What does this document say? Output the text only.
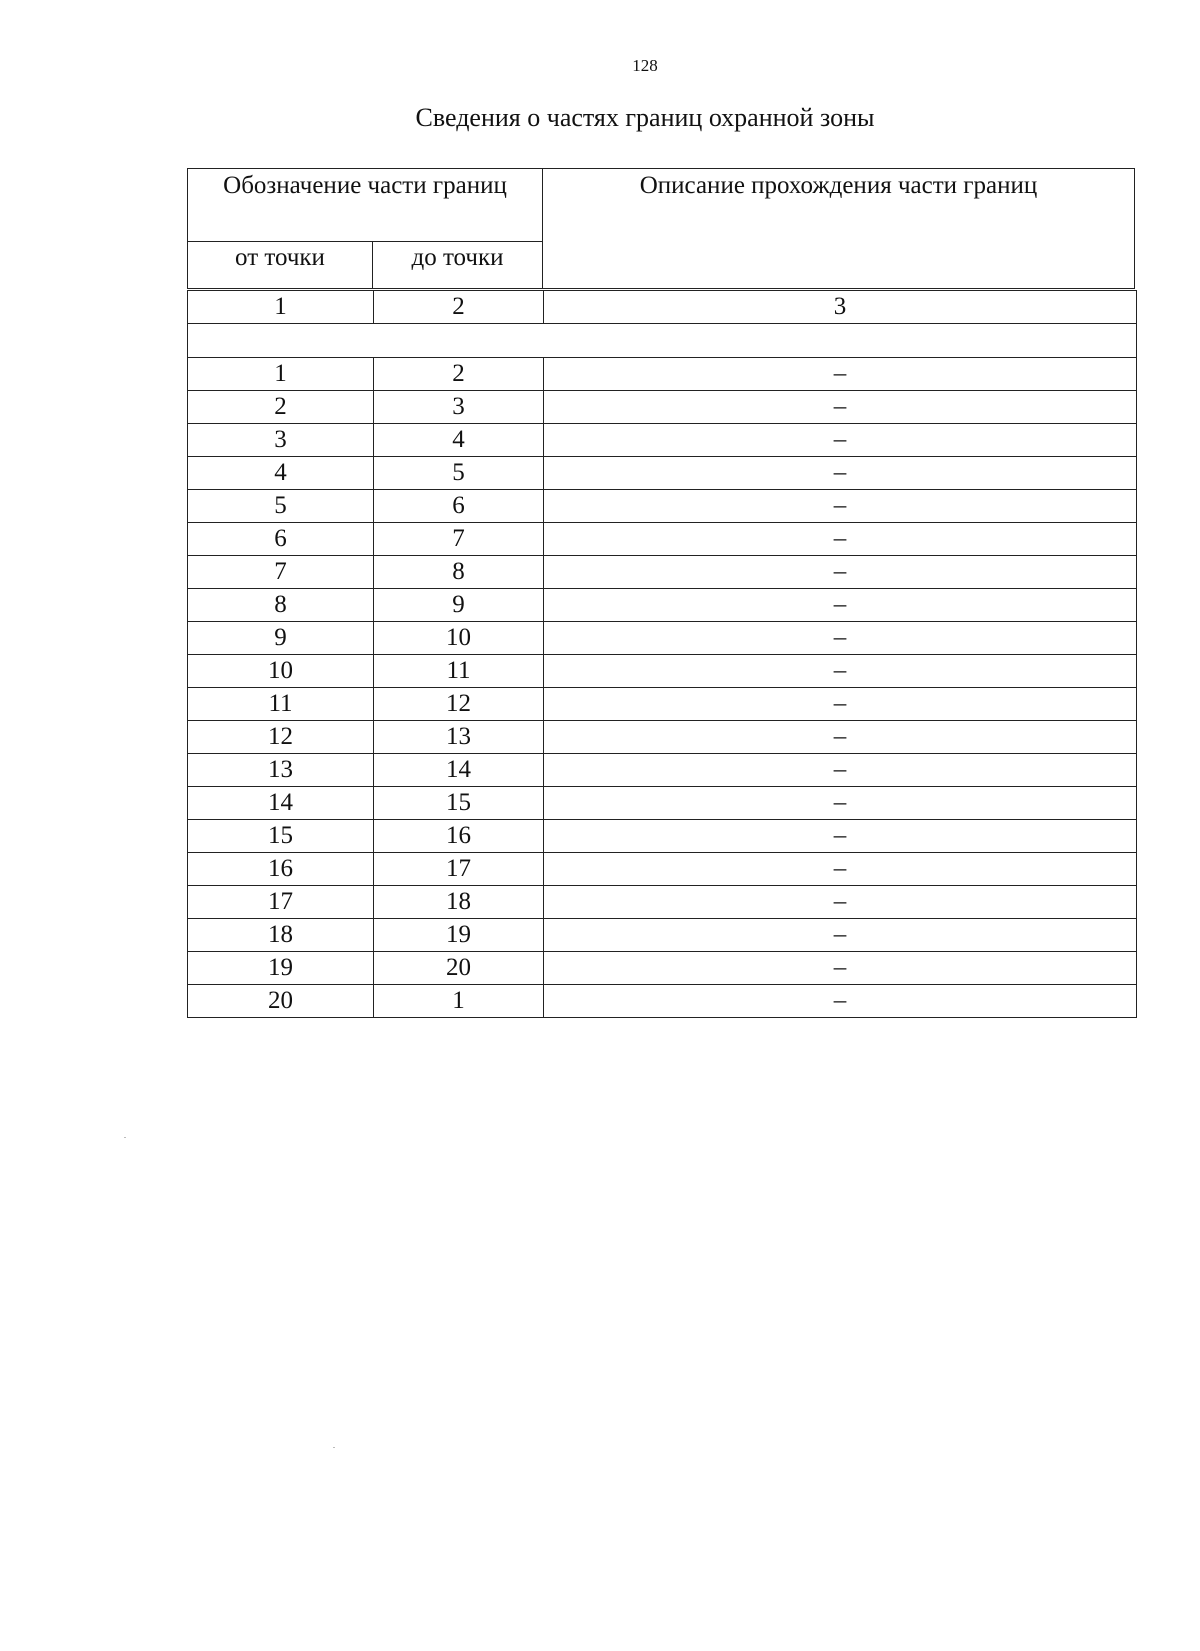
128
Сведения о частях границ охранной зоны
Обозначение части границ		Описание прохождения части границ
от точки	до точки	
1	2	3

1	2	–
2	3	–
3	4	–
4	5	–
5	6	–
6	7	–
7	8	–
8	9	–
9	10	–
10	11	–
11	12	–
12	13	–
13	14	–
14	15	–
15	16	–
16	17	–
17	18	–
18	19	–
19	20	–
20	1	–
